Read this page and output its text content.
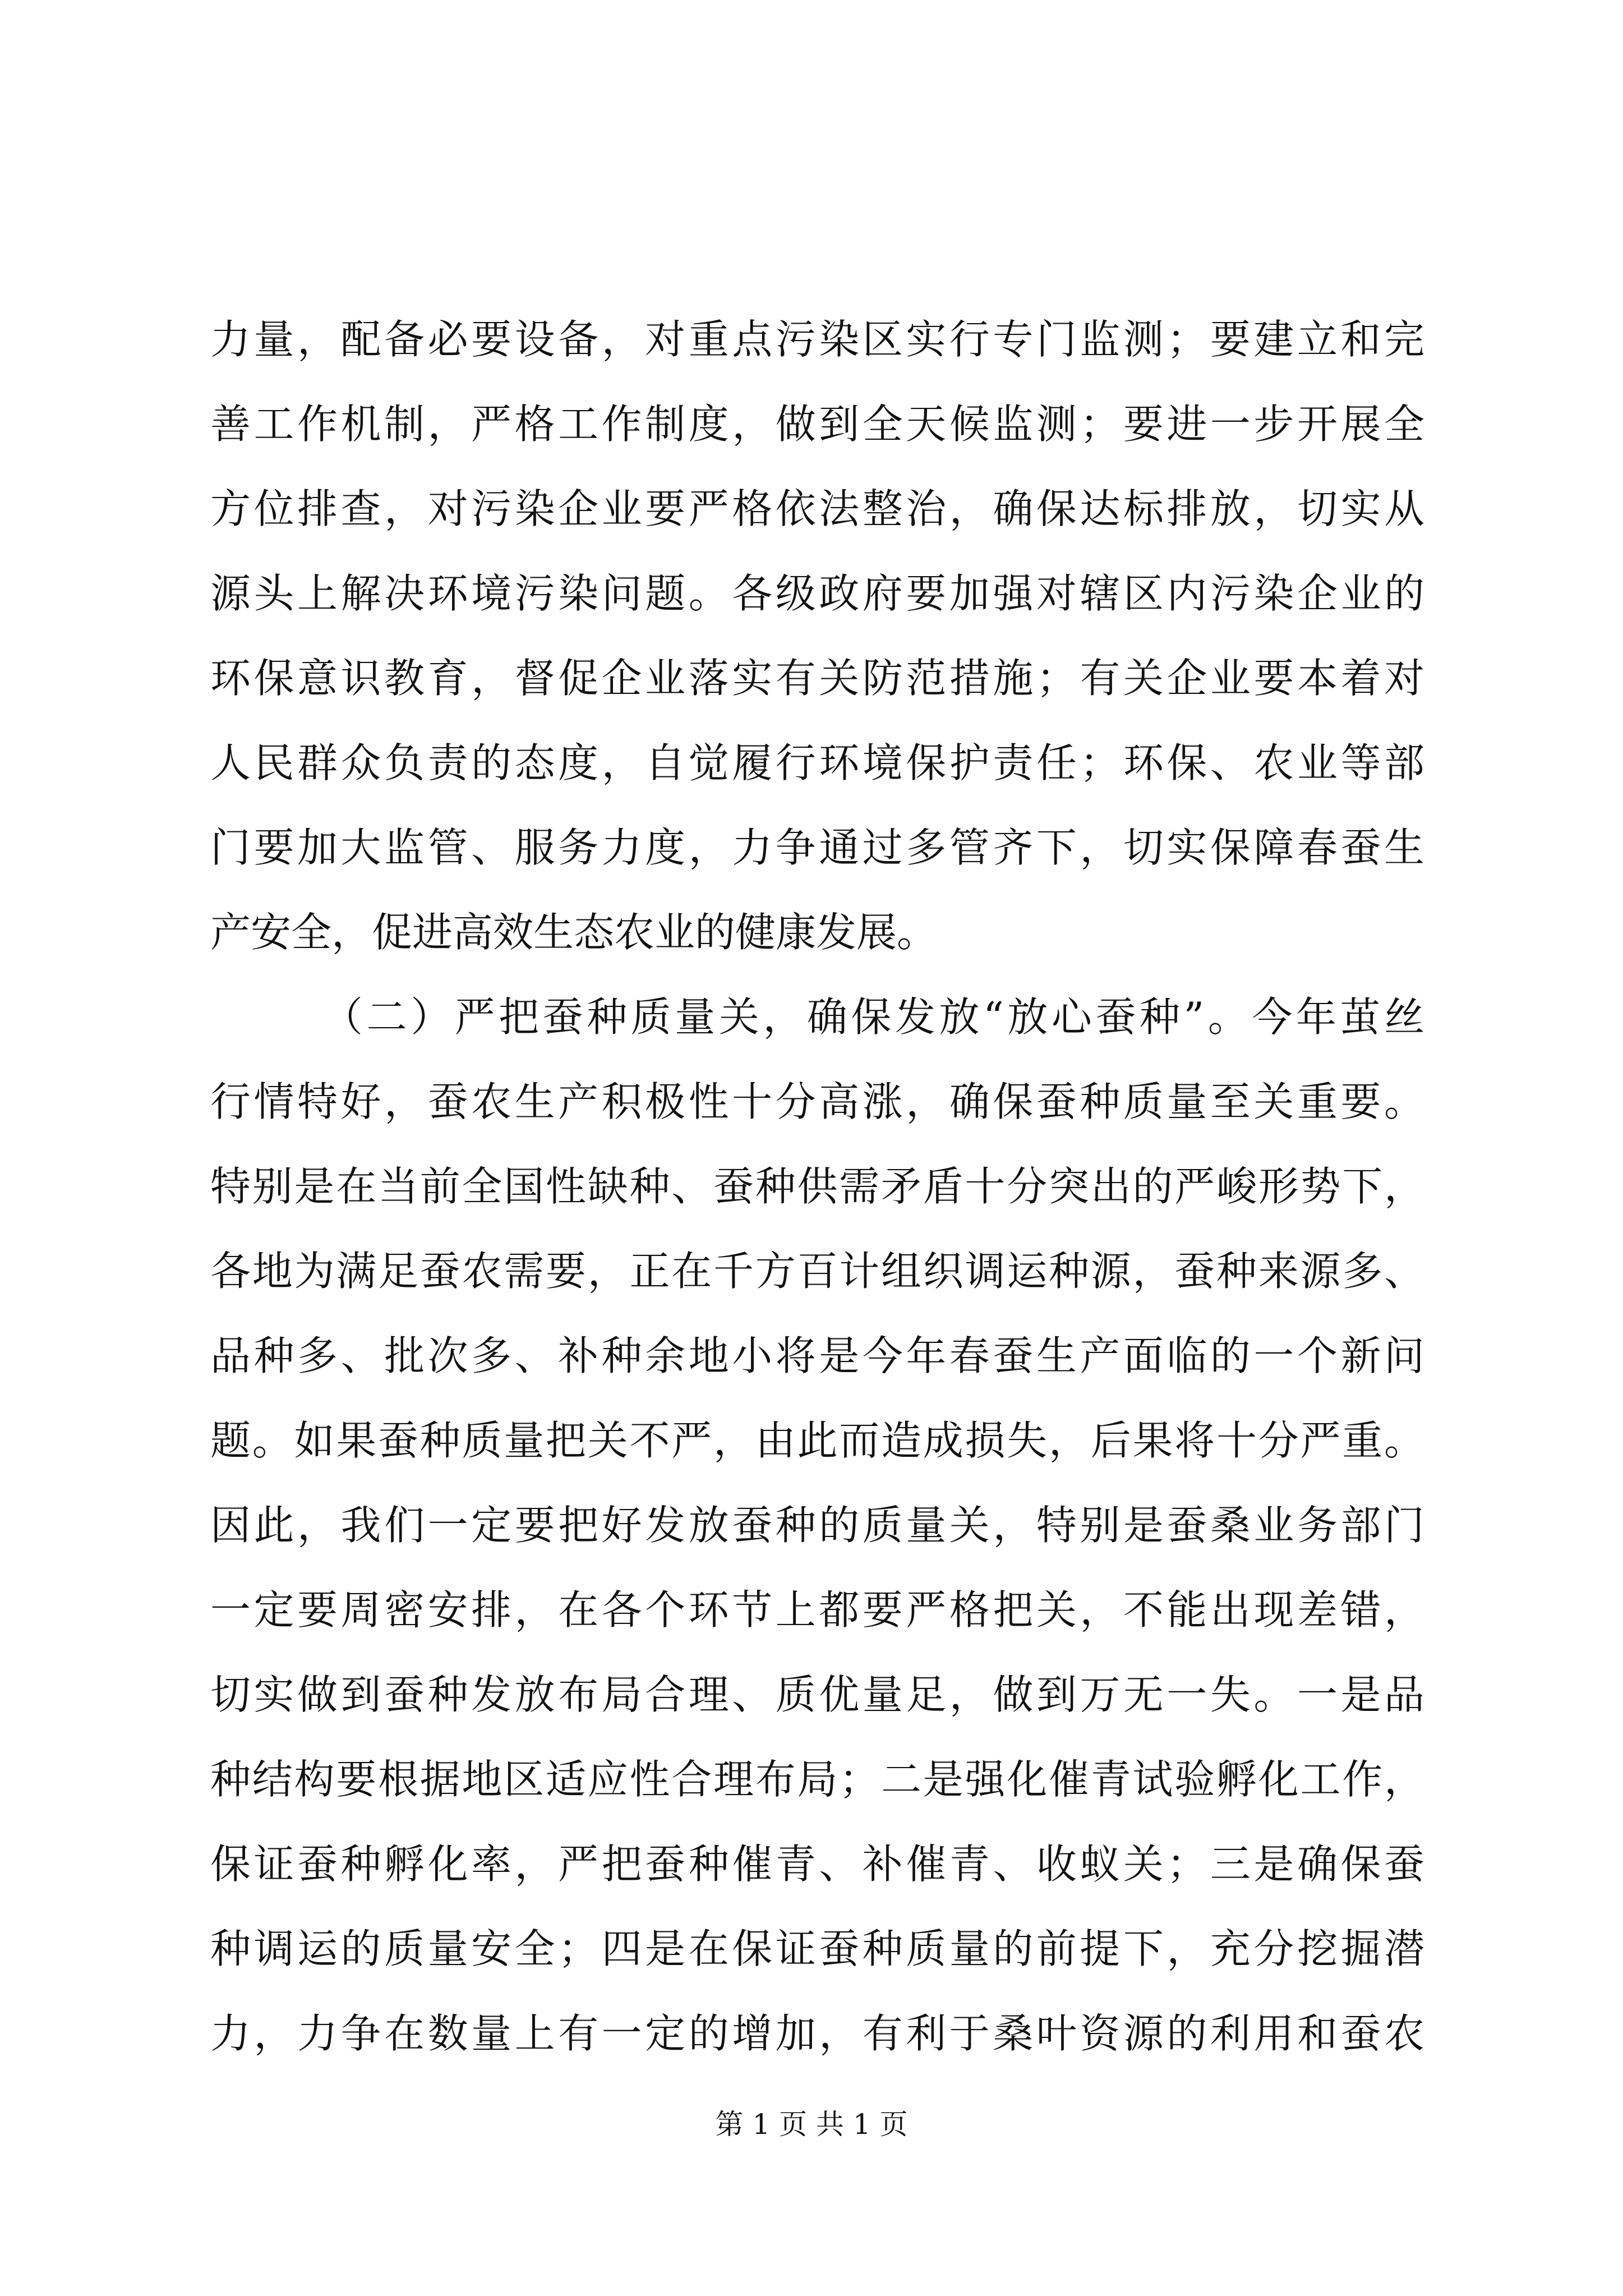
力量，配备必要设备，对重点污染区实行专门监测；要建立和完
善工作机制，严格工作制度，做到全天候监测；要进一步开展全
方位排查，对污染企业要严格依法整治，确保达标排放，切实从
源头上解决环境污染问题。各级政府要加强对辖区内污染企业的
环保意识教育，督促企业落实有关防范措施；有关企业要本着对
人民群众负责的态度，自觉履行环境保护责任；环保、农业等部
门要加大监管、服务力度，力争通过多管齐下，切实保障春蚕生
产安全，促进高效生态农业的健康发展。
（二）严把蚕种质量关，确保发放“放心蚕种”。今年茧丝
行情特好，蚕农生产积极性十分高涨，确保蚕种质量至关重要。
特别是在当前全国性缺种、蚕种供需矛盾十分突出的严峻形势下，
各地为满足蚕农需要，正在千方百计组织调运种源，蚕种来源多、
品种多、批次多、补种余地小将是今年春蚕生产面临的一个新问
题。如果蚕种质量把关不严，由此而造成损失，后果将十分严重。
因此，我们一定要把好发放蚕种的质量关，特别是蚕桑业务部门
一定要周密安排，在各个环节上都要严格把关，不能出现差错，
切实做到蚕种发放布局合理、质优量足，做到万无一失。一是品
种结构要根据地区适应性合理布局；二是强化催青试验孵化工作，
保证蚕种孵化率，严把蚕种催青、补催青、收蚁关；三是确保蚕
种调运的质量安全；四是在保证蚕种质量的前提下，充分挖掘潜
力，力争在数量上有一定的增加，有利于桑叶资源的利用和蚕农
第 1 页 共 1 页
